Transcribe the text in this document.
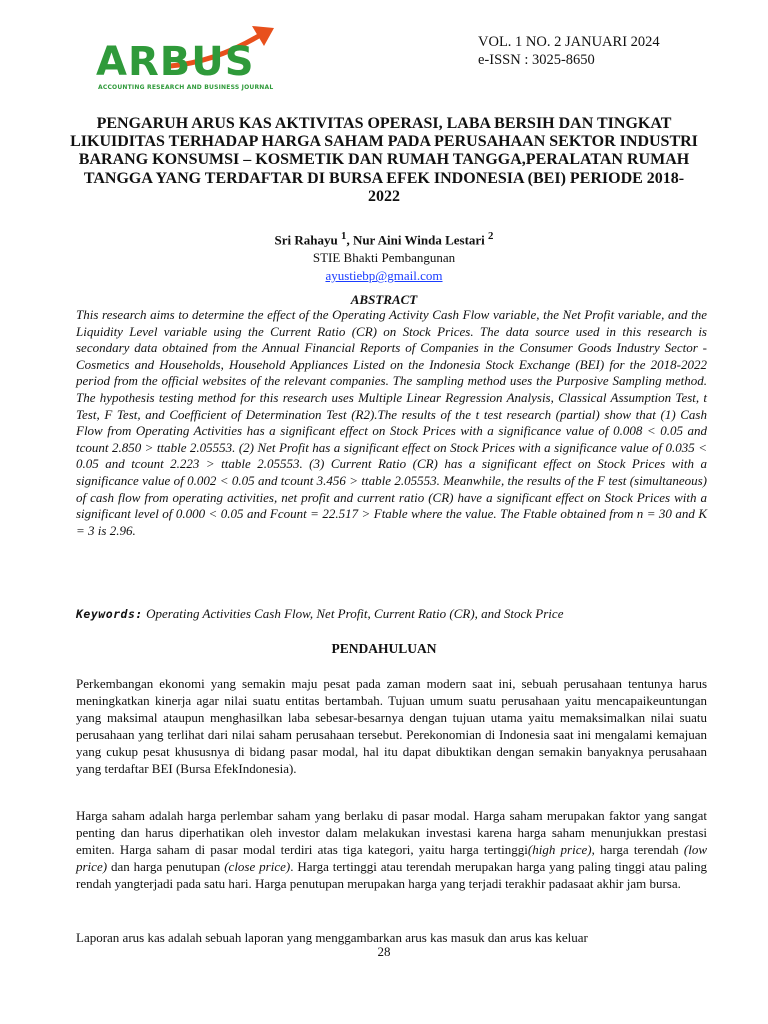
ARBUS
ACCOUNTING RESEARCH AND BUSINESS JOURNAL
VOL. 1 NO. 2 JANUARI 2024
e-ISSN : 3025-8650
PENGARUH ARUS KAS AKTIVITAS OPERASI, LABA BERSIH DAN TINGKAT LIKUIDITAS TERHADAP HARGA SAHAM PADA PERUSAHAAN SEKTOR INDUSTRI BARANG KONSUMSI – KOSMETIK DAN RUMAH TANGGA,PERALATAN RUMAH TANGGA YANG TERDAFTAR DI BURSA EFEK INDONESIA (BEI) PERIODE 2018-2022
Sri Rahayu $^1$, Nur Aini Winda Lestari $^2$
STIE Bhakti Pembangunan
ayustiebp@gmail.com
ABSTRACT

This research aims to determine the effect of the Operating Activity Cash Flow variable, the Net Profit variable, and the Liquidity Level variable using the Current Ratio (CR) on Stock Prices. The data source used in this research is secondary data obtained from the Annual Financial Reports of Companies in the Consumer Goods Industry Sector - Cosmetics and Households, Household Appliances Listed on the Indonesia Stock Exchange (BEI) for the 2018-2022 period from the official websites of the relevant companies. The sampling method uses the Purposive Sampling method. The hypothesis testing method for this research uses Multiple Linear Regression Analysis, Classical Assumption Test, t Test, F Test, and Coefficient of Determination Test (R2).The results of the t test research (partial) show that (1) Cash Flow from Operating Activities has a significant effect on Stock Prices with a significance value of 0.008 < 0.05 and tcount 2.850 > ttable 2.05553. (2) Net Profit has a significant effect on Stock Prices with a significance value of 0.035 < 0.05 and tcount 2.223 > ttable 2.05553. (3) Current Ratio (CR) has a significant effect on Stock Prices with a significance value of 0.002 < 0.05 and tcount 3.456 > ttable 2.05553. Meanwhile, the results of the F test (simultaneous) of cash flow from operating activities, net profit and current ratio (CR) have a significant effect on Stock Prices with a significant level of 0.000 < 0.05 and Fcount = 22.517 > Ftable where the value. The Ftable obtained from n = 30 and K = 3 is 2.96.

Keywords: Operating Activities Cash Flow, Net Profit, Current Ratio (CR), and Stock Price
PENDAHULUAN

Perkembangan ekonomi yang semakin maju pesat pada zaman modern saat ini, sebuah perusahaan tentunya harus meningkatkan kinerja agar nilai suatu entitas bertambah. Tujuan umum suatu perusahaan yaitu mencapaikeuntungan yang maksimal ataupun menghasilkan laba sebesar-besarnya dengan tujuan utama yaitu memaksimalkan nilai suatu perusahaan yang terlihat dari nilai saham perusahaan tersebut. Perekonomian di Indonesia saat ini mengalami kemajuan yang cukup pesat khususnya di bidang pasar modal, hal itu dapat dibuktikan dengan semakin banyaknya perusahaan yang terdaftar BEI (Bursa EfekIndonesia).

Harga saham adalah harga perlembar saham yang berlaku di pasar modal. Harga saham merupakan faktor yang sangat penting dan harus diperhatikan oleh investor dalam melakukan investasi karena harga saham menunjukkan prestasi emiten. Harga saham di pasar modal terdiri atas tiga kategori, yaitu harga tertinggi(high price), harga terendah (low price) dan harga penutupan (close price). Harga tertinggi atau terendah merupakan harga yang paling tinggi atau paling rendah yangterjadi pada satu hari. Harga penutupan merupakan harga yang terjadi terakhir padasaat akhir jam bursa.

Laporan arus kas adalah sebuah laporan yang menggambarkan arus kas masuk dan arus kas keluar

28
